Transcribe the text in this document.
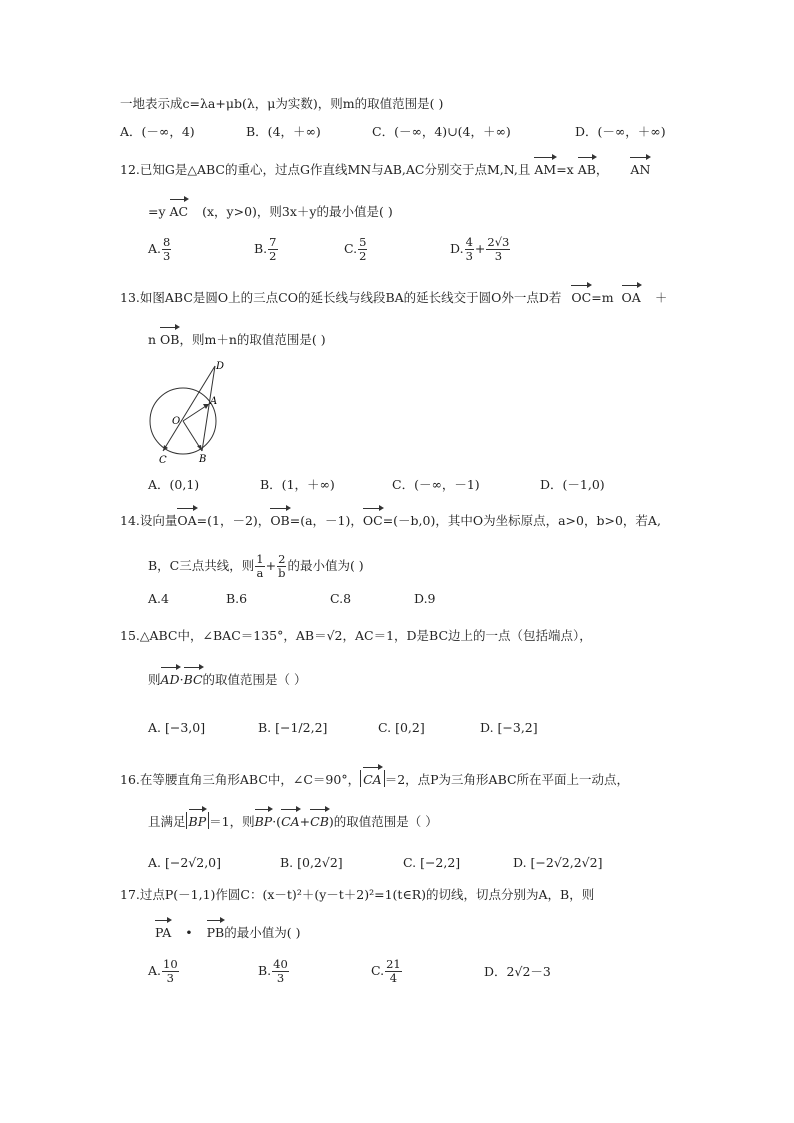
一地表示成c=λa+μb(λ，μ为实数)，则m的取值范围是( )
A．(－∞，4)	B．(4，＋∞)	C．(－∞，4)∪(4，＋∞)	D．(－∞，＋∞)
12.已知G是△ABC的重心，过点G作直线MN与AB,AC分别交于点M,N,且 AM=x AB， AN
=y AC (x，y>0)，则3x＋y的最小值是( )
A. $\frac{8}{3}$	B. $\frac{7}{2}$	C. $\frac{5}{2}$	D. $\frac{4}{3} + \frac{2√3}{3}$
13.如图ABC是圆O上的三点CO的延长线与线段BA的延长线交于圆O外一点D若 OC=m OA ＋
n OB，则m＋n的取值范围是( )
D
A
O
C	B
A．(0,1)	B．(1，＋∞)	C．(－∞，－1)	D．(－1,0)
14.设向量OA=(1，－2)，OB=(a，－1)，OC=(－b,0)，其中O为坐标原点，a>0，b>0，若A,
B，C三点共线，则 $\frac{1}{a} + \frac{2}{b}$ 的最小值为( )
A.4	B.6	C.8	D.9
15.△ABC中，∠BAC＝135°，AB＝√2，AC＝1，D是BC边上的一点（包括端点），
则AD·BC的取值范围是（ ）
A. [−3,0]	B. [−1/2,2]	C. [0,2]	D. [−3,2]
16.在等腰直角三角形ABC中，∠C＝90°， CA ＝2，点P为三角形ABC所在平面上一动点，
且满足 BP ＝1，则BP·(CA+CB)的取值范围是（ ）
A. [−2√2,0]	B. [0,2√2]	C. [−2,2]	D. [−2√2,2√2]
17.过点P(－1,1)作圆C：(x－t)²＋(y－t＋2)²=1(t∈R)的切线，切点分别为A，B，则
PA • PB的最小值为( )
A. $\frac{10}{3}$	B. $\frac{40}{3}$	C. $\frac{21}{4}$	D．2√2－3
